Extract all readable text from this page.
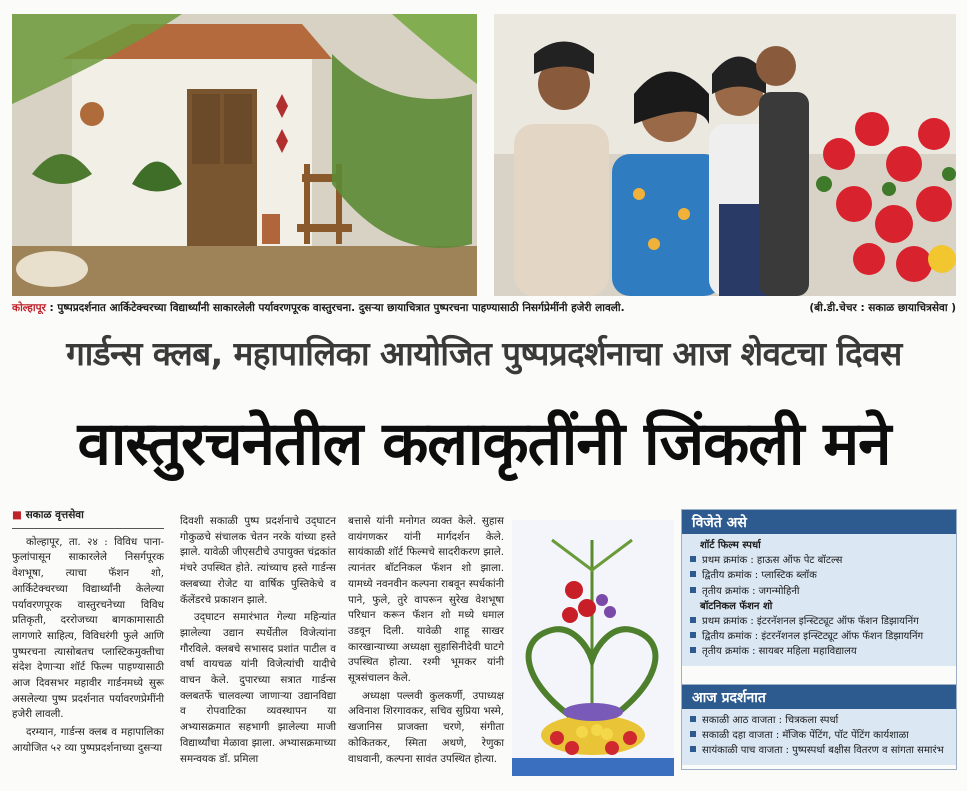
कोल्हापूर : पुष्पप्रदर्शनात आर्किटेक्चरच्या विद्यार्थ्यांनी साकारलेली पर्यावरणपूरक वास्तुरचना. दुसऱ्या छायाचित्रात पुष्परचना पाहण्यासाठी निसर्गप्रेमींनी हजेरी लावली.	(बी.डी.चेचर : सकाळ छायाचित्रसेवा )
गार्डन्स क्लब, महापालिका आयोजित पुष्पप्रदर्शनाचा आज शेवटचा दिवस
वास्तुरचनेतील कलाकृतींनी जिंकली मने
■ सकाळ वृत्तसेवा

कोल्हापूर, ता. २४ : विविध पाना-फुलांपासून साकारलेले निसर्गपूरक वेशभूषा, त्याचा फॅशन शो, आर्किटेक्चरच्या विद्यार्थ्यांनी केलेल्या पर्यावरणपूरक वास्तुरचनेच्या विविध प्रतिकृती, दररोजच्या बागकामासाठी लागणारे साहित्य, विविधरंगी फुले आणि पुष्परचना त्यासोबतच प्लास्टिकमुक्तीचा संदेश देणाऱ्या शॉर्ट फिल्म पाहण्यासाठी आज दिवसभर महावीर गार्डनमध्ये सुरू असलेल्या पुष्प प्रदर्शनात पर्यावरणप्रेमींनी हजेरी लावली.

दरम्यान, गार्डन्स क्लब व महापालिका आयोजित ५२ व्या पुष्पप्रदर्शनाच्या दुसऱ्या

दिवशी सकाळी पुष्प प्रदर्शनाचे उद्‌घाटन गोकुळचे संचालक चेतन नरके यांच्या हस्ते झाले. यावेळी जीएसटीचे उपायुक्त चंद्रकांत मंचरे उपस्थित होते. त्यांच्याच हस्ते गार्डन्स क्लबच्या रोजेट या वार्षिक पुस्तिकेचे व कॅलेंडरचे प्रकाशन झाले.

उद्‌घाटन समारंभात गेल्या महिन्यांत झालेल्या उद्यान स्पर्धेतील विजेत्यांना गौरविले. क्लबचे सभासद प्रशांत पाटील व वर्षा वायचळ यांनी विजेत्यांची यादीचे वाचन केले. दुपारच्या सत्रात गार्डन्स क्लबतर्फे चालवल्या जाणाऱ्या उद्यानविद्या व रोपवाटिका व्यवस्थापन या अभ्यासक्रमात सहभागी झालेल्या माजी विद्यार्थ्यांचा मेळावा झाला. अभ्यासक्रमाच्या समन्वयक डॉ. प्रमिला

बत्तासे यांनी मनोगत व्यक्त केले. सुहास वायंगणकर यांनी मार्गदर्शन केले. सायंकाळी शॉर्ट फिल्मचे सादरीकरण झाले. त्यानंतर बॉटनिकल फॅशन शो झाला. यामध्ये नवनवीन कल्पना राबवून स्पर्धकांनी पाने, फुले, तुरे वापरून सुरेख वेशभूषा परिधान करून फॅशन शो मध्ये धमाल उडवून दिली. यावेळी शाहू साखर कारखान्याच्या अध्यक्षा सुहासिनीदेवी घाटगे उपस्थित होत्या. रश्मी भूमकर यांनी सूत्रसंचालन केले.

अध्यक्षा पल्लवी कुलकर्णी, उपाध्यक्ष अविनाश शिरगावकर, सचिव सुप्रिया भस्मे, खजानिस प्राजक्ता चरणे, संगीता कोकितकर, स्मिता अथणे, रेणुका वाधवानी, कल्पना सावंत उपस्थित होत्या.

विजेते असे
शॉर्ट फिल्म स्पर्धा
प्रथम क्रमांक : हाऊस ऑफ पेट बॉटल्स
द्वितीय क्रमांक : प्लास्टिक ब्लॉक
तृतीय क्रमांक : जगन्मोहिनी
बॉटनिकल फॅशन शो
प्रथम क्रमांक : इंटरनॅशनल इन्स्टिट्यूट ऑफ फॅशन डिझायनिंग
द्वितीय क्रमांक : इंटरनॅशनल इन्स्टिट्यूट ऑफ फॅशन डिझायनिंग
तृतीय क्रमांक : सायबर महिला महाविद्यालय
आज प्रदर्शनात
सकाळी आठ वाजता : चित्रकला स्पर्धा
सकाळी दहा वाजता : मॅजिक पेंटिंग, पॉट पेंटिंग कार्यशाळा
सायंकाळी पाच वाजता : पुष्पस्पर्धा बक्षीस वितरण व सांगता समारंभ
